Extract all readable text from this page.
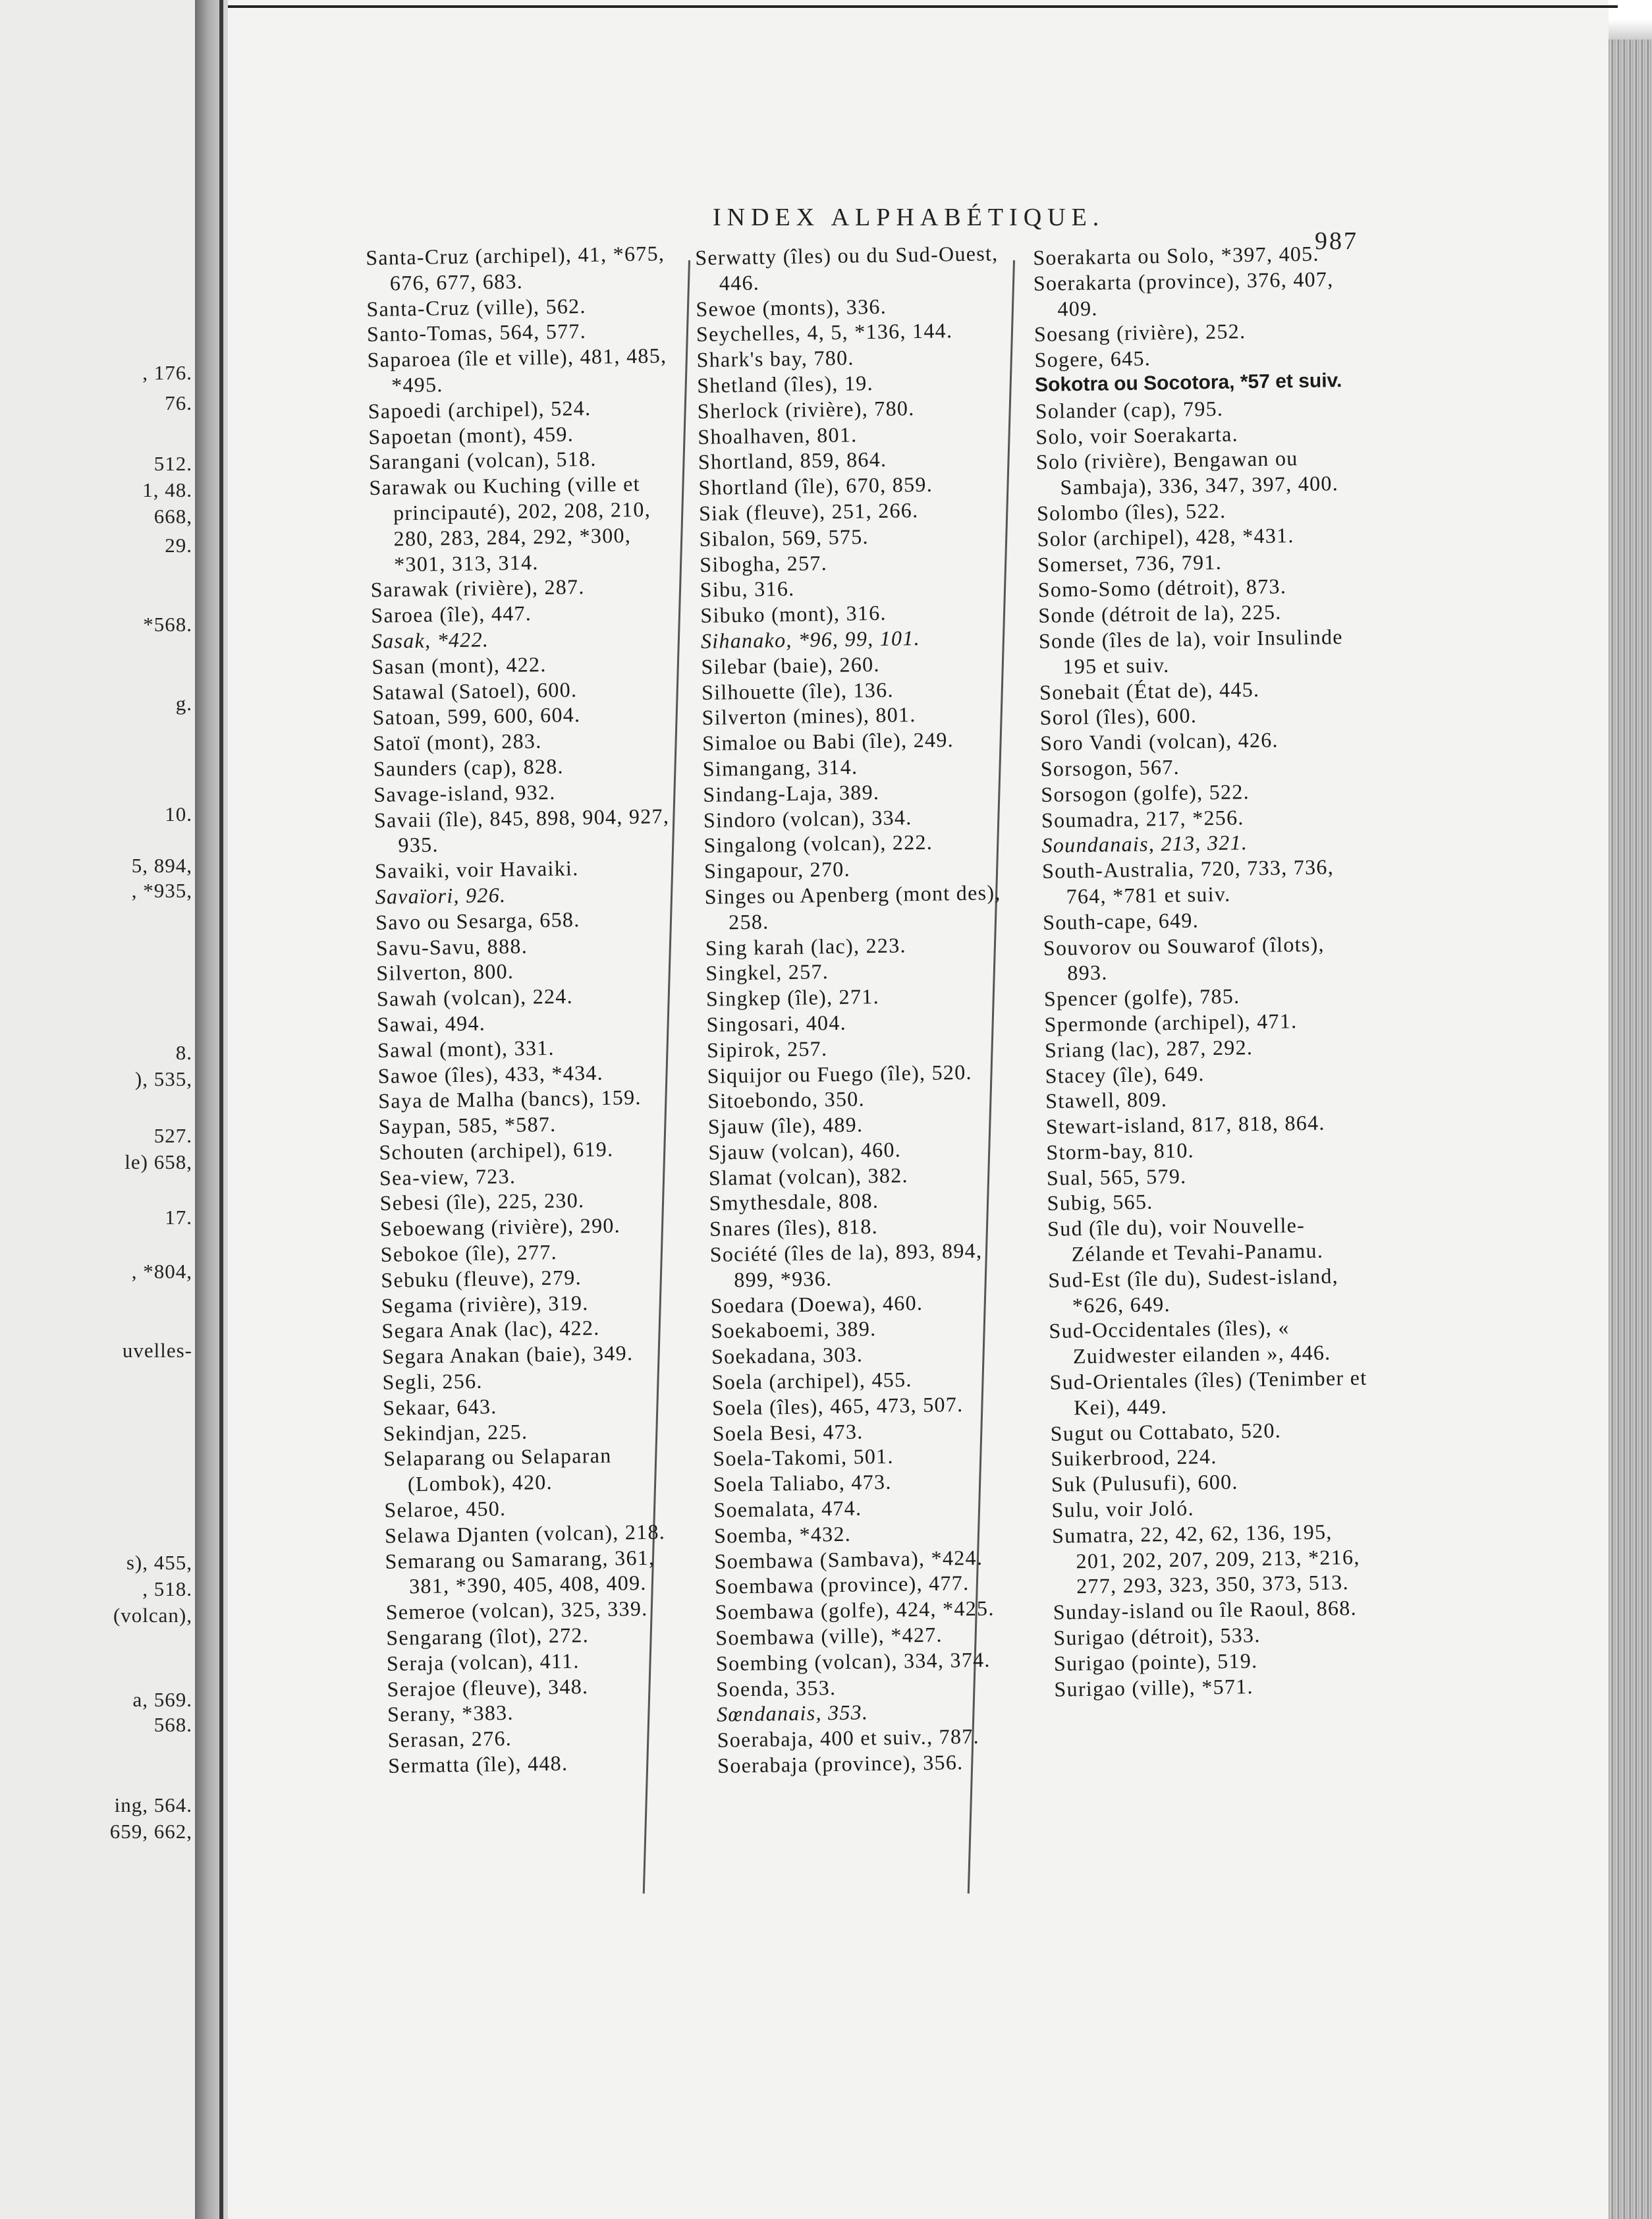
, 176.
76.
512.
1, 48.
668,
29.
*568.
g.
10.
5, 894,
, *935,
8.
), 535,
527.
le) 658,
17.
, *804,
uvelles-
s), 455,
, 518.
(volcan),
a, 569.
568.
ing, 564.
659, 662,
INDEX ALPHABÉTIQUE.
987
Santa-Cruz (archipel), 41, *675, 676, 677, 683.
Santa-Cruz (ville), 562.
Santo-Tomas, 564, 577.
Saparoea (île et ville), 481, 485, *495.
Sapoedi (archipel), 524.
Sapoetan (mont), 459.
Sarangani (volcan), 518.
Sarawak ou Kuching (ville et principauté), 202, 208, 210, 280, 283, 284, 292, *300, *301, 313, 314.
Sarawak (rivière), 287.
Saroea (île), 447.
Sasak, *422.
Sasan (mont), 422.
Satawal (Satoel), 600.
Satoan, 599, 600, 604.
Satoï (mont), 283.
Saunders (cap), 828.
Savage-island, 932.
Savaii (île), 845, 898, 904, 927, 935.
Savaiki, voir Havaiki.
Savaïori, 926.
Savo ou Sesarga, 658.
Savu-Savu, 888.
Silverton, 800.
Sawah (volcan), 224.
Sawai, 494.
Sawal (mont), 331.
Sawoe (îles), 433, *434.
Saya de Malha (bancs), 159.
Saypan, 585, *587.
Schouten (archipel), 619.
Sea-view, 723.
Sebesi (île), 225, 230.
Seboewang (rivière), 290.
Sebokoe (île), 277.
Sebuku (fleuve), 279.
Segama (rivière), 319.
Segara Anak (lac), 422.
Segara Anakan (baie), 349.
Segli, 256.
Sekaar, 643.
Sekindjan, 225.
Selaparang ou Selaparan (Lombok), 420.
Selaroe, 450.
Selawa Djanten (volcan), 218.
Semarang ou Samarang, 361, 381, *390, 405, 408, 409.
Semeroe (volcan), 325, 339.
Sengarang (îlot), 272.
Seraja (volcan), 411.
Serajoe (fleuve), 348.
Serany, *383.
Serasan, 276.
Sermatta (île), 448.
Serwatty (îles) ou du Sud-Ouest, 446.
Sewoe (monts), 336.
Seychelles, 4, 5, *136, 144.
Shark's bay, 780.
Shetland (îles), 19.
Sherlock (rivière), 780.
Shoalhaven, 801.
Shortland, 859, 864.
Shortland (île), 670, 859.
Siak (fleuve), 251, 266.
Sibalon, 569, 575.
Sibogha, 257.
Sibu, 316.
Sibuko (mont), 316.
Sihanako, *96, 99, 101.
Silebar (baie), 260.
Silhouette (île), 136.
Silverton (mines), 801.
Simaloe ou Babi (île), 249.
Simangang, 314.
Sindang-Laja, 389.
Sindoro (volcan), 334.
Singalong (volcan), 222.
Singapour, 270.
Singes ou Apenberg (mont des), 258.
Sing karah (lac), 223.
Singkel, 257.
Singkep (île), 271.
Singosari, 404.
Sipirok, 257.
Siquijor ou Fuego (île), 520.
Sitoebondo, 350.
Sjauw (île), 489.
Sjauw (volcan), 460.
Slamat (volcan), 382.
Smythesdale, 808.
Snares (îles), 818.
Société (îles de la), 893, 894, 899, *936.
Soedara (Doewa), 460.
Soekaboemi, 389.
Soekadana, 303.
Soela (archipel), 455.
Soela (îles), 465, 473, 507.
Soela Besi, 473.
Soela-Takomi, 501.
Soela Taliabo, 473.
Soemalata, 474.
Soemba, *432.
Soembawa (Sambava), *424.
Soembawa (province), 477.
Soembawa (golfe), 424, *425.
Soembawa (ville), *427.
Soembing (volcan), 334, 374.
Soenda, 353.
Sœndanais, 353.
Soerabaja, 400 et suiv., 787.
Soerabaja (province), 356.
Soerakarta ou Solo, *397, 405.
Soerakarta (province), 376, 407, 409.
Soesang (rivière), 252.
Sogere, 645.
Sokotra ou Socotora, *57 et suiv.
Solander (cap), 795.
Solo, voir Soerakarta.
Solo (rivière), Bengawan ou Sambaja), 336, 347, 397, 400.
Solombo (îles), 522.
Solor (archipel), 428, *431.
Somerset, 736, 791.
Somo-Somo (détroit), 873.
Sonde (détroit de la), 225.
Sonde (îles de la), voir Insulinde 195 et suiv.
Sonebait (État de), 445.
Sorol (îles), 600.
Soro Vandi (volcan), 426.
Sorsogon, 567.
Sorsogon (golfe), 522.
Soumadra, 217, *256.
Soundanais, 213, 321.
South-Australia, 720, 733, 736, 764, *781 et suiv.
South-cape, 649.
Souvorov ou Souwarof (îlots), 893.
Spencer (golfe), 785.
Spermonde (archipel), 471.
Sriang (lac), 287, 292.
Stacey (île), 649.
Stawell, 809.
Stewart-island, 817, 818, 864.
Storm-bay, 810.
Sual, 565, 579.
Subig, 565.
Sud (île du), voir Nouvelle-Zélande et Tevahi-Panamu.
Sud-Est (île du), Sudest-island, *626, 649.
Sud-Occidentales (îles), « Zuidwester eilanden », 446.
Sud-Orientales (îles) (Tenimber et Kei), 449.
Sugut ou Cottabato, 520.
Suikerbrood, 224.
Suk (Pulusufi), 600.
Sulu, voir Joló.
Sumatra, 22, 42, 62, 136, 195, 201, 202, 207, 209, 213, *216, 277, 293, 323, 350, 373, 513.
Sunday-island ou île Raoul, 868.
Surigao (détroit), 533.
Surigao (pointe), 519.
Surigao (ville), *571.
